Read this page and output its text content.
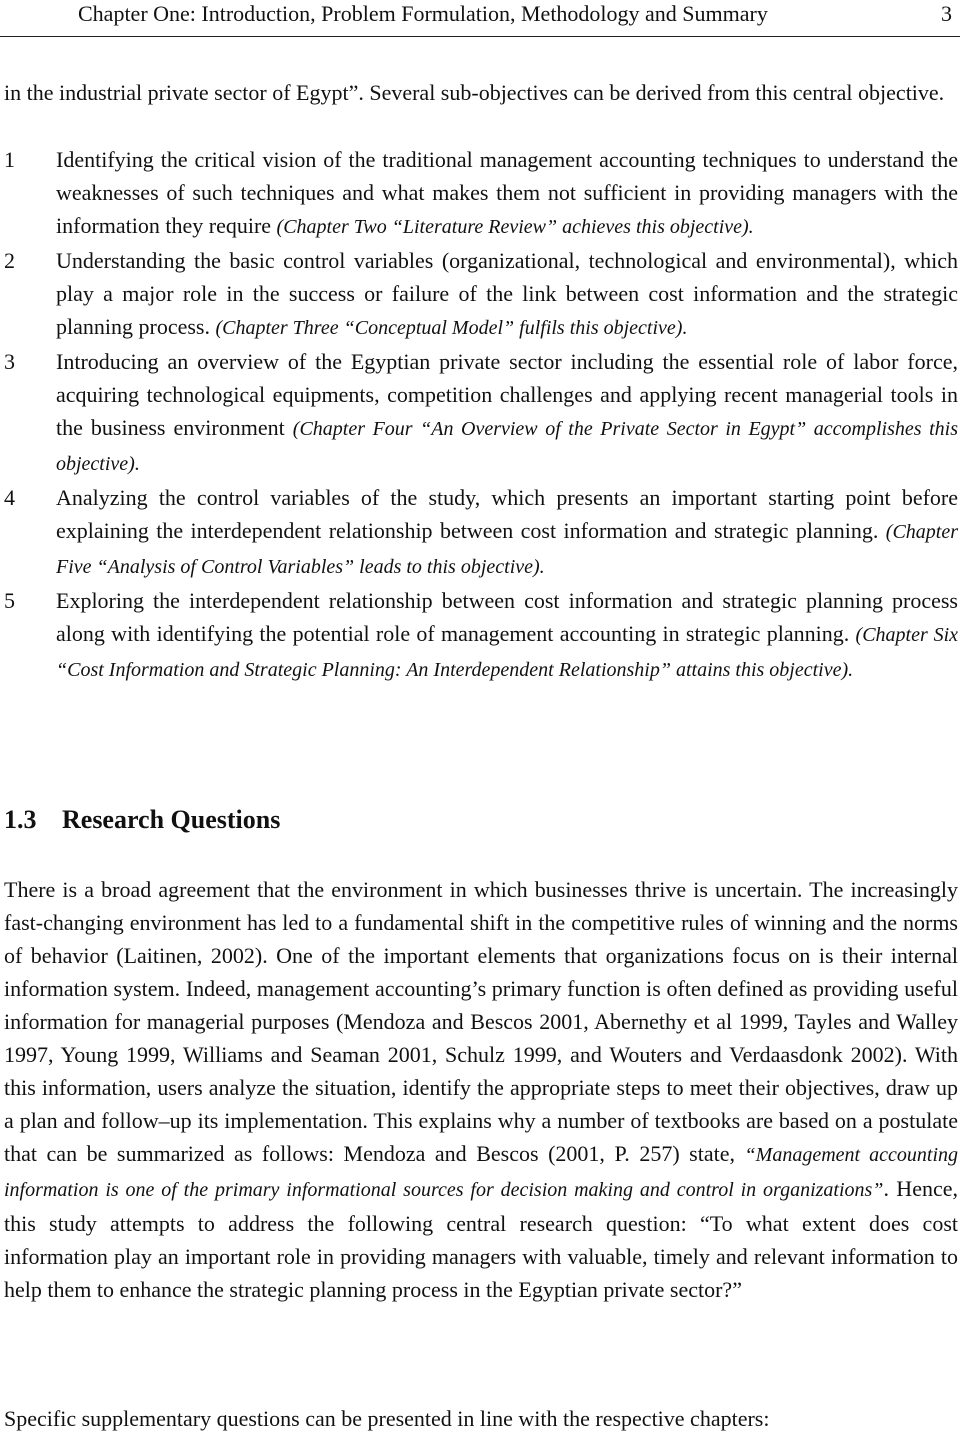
Chapter One: Introduction, Problem Formulation, Methodology and Summary	3

in the industrial private sector of Egypt”. Several sub-objectives can be derived from this central objective.

1 Identifying the critical vision of the traditional management accounting techniques to understand the weaknesses of such techniques and what makes them not sufficient in providing managers with the information they require (Chapter Two “Literature Review” achieves this objective).
2 Understanding the basic control variables (organizational, technological and environmental), which play a major role in the success or failure of the link between cost information and the strategic planning process. (Chapter Three “Conceptual Model” fulfils this objective).
3 Introducing an overview of the Egyptian private sector including the essential role of labor force, acquiring technological equipments, competition challenges and applying recent managerial tools in the business environment (Chapter Four “An Overview of the Private Sector in Egypt” accomplishes this objective).
4 Analyzing the control variables of the study, which presents an important starting point before explaining the interdependent relationship between cost information and strategic planning. (Chapter Five “Analysis of Control Variables” leads to this objective).
5 Exploring the interdependent relationship between cost information and strategic planning process along with identifying the potential role of management accounting in strategic planning. (Chapter Six “Cost Information and Strategic Planning: An Interdependent Relationship” attains this objective).
1.3 Research Questions

There is a broad agreement that the environment in which businesses thrive is uncertain. The increasingly fast-changing environment has led to a fundamental shift in the competitive rules of winning and the norms of behavior (Laitinen, 2002). One of the important elements that organizations focus on is their internal information system. Indeed, management accounting’s primary function is often defined as providing useful information for managerial purposes (Mendoza and Bescos 2001, Abernethy et al 1999, Tayles and Walley 1997, Young 1999, Williams and Seaman 2001, Schulz 1999, and Wouters and Verdaasdonk 2002). With this information, users analyze the situation, identify the appropriate steps to meet their objectives, draw up a plan and follow–up its implementation. This explains why a number of textbooks are based on a postulate that can be summarized as follows: Mendoza and Bescos (2001, P. 257) state, “Management accounting information is one of the primary informational sources for decision making and control in organizations”. Hence, this study attempts to address the following central research question: “To what extent does cost information play an important role in providing managers with valuable, timely and relevant information to help them to enhance the strategic planning process in the Egyptian private sector?”

Specific supplementary questions can be presented in line with the respective chapters:
